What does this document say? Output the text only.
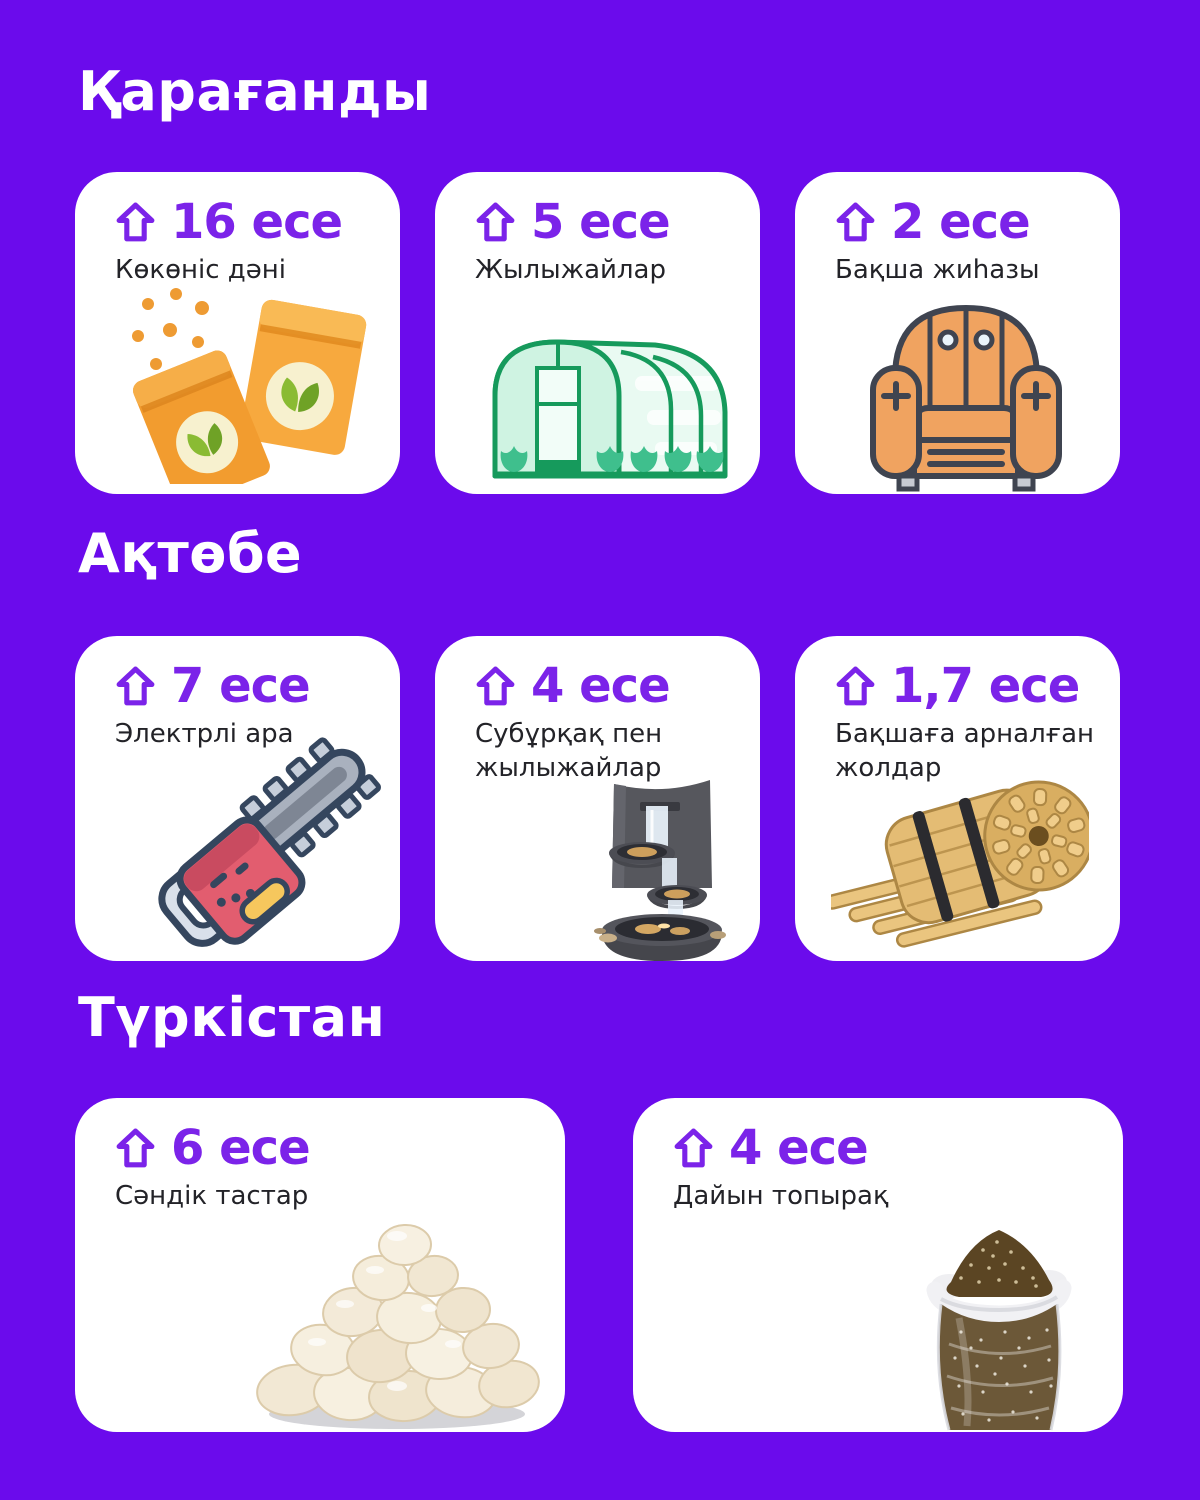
Қарағанды
16 есе
Көкөніс дәні
5 есе
Жылыжайлар
2 есе
Бақша жиһазы
Ақтөбе
7 есе
Электрлі ара
4 есе
Субұрқақ пен жылыжайлар
1,7 есе
Бақшаға арналған жолдар
Түркістан
6 есе
Сәндік тастар
4 есе
Дайын топырақ
